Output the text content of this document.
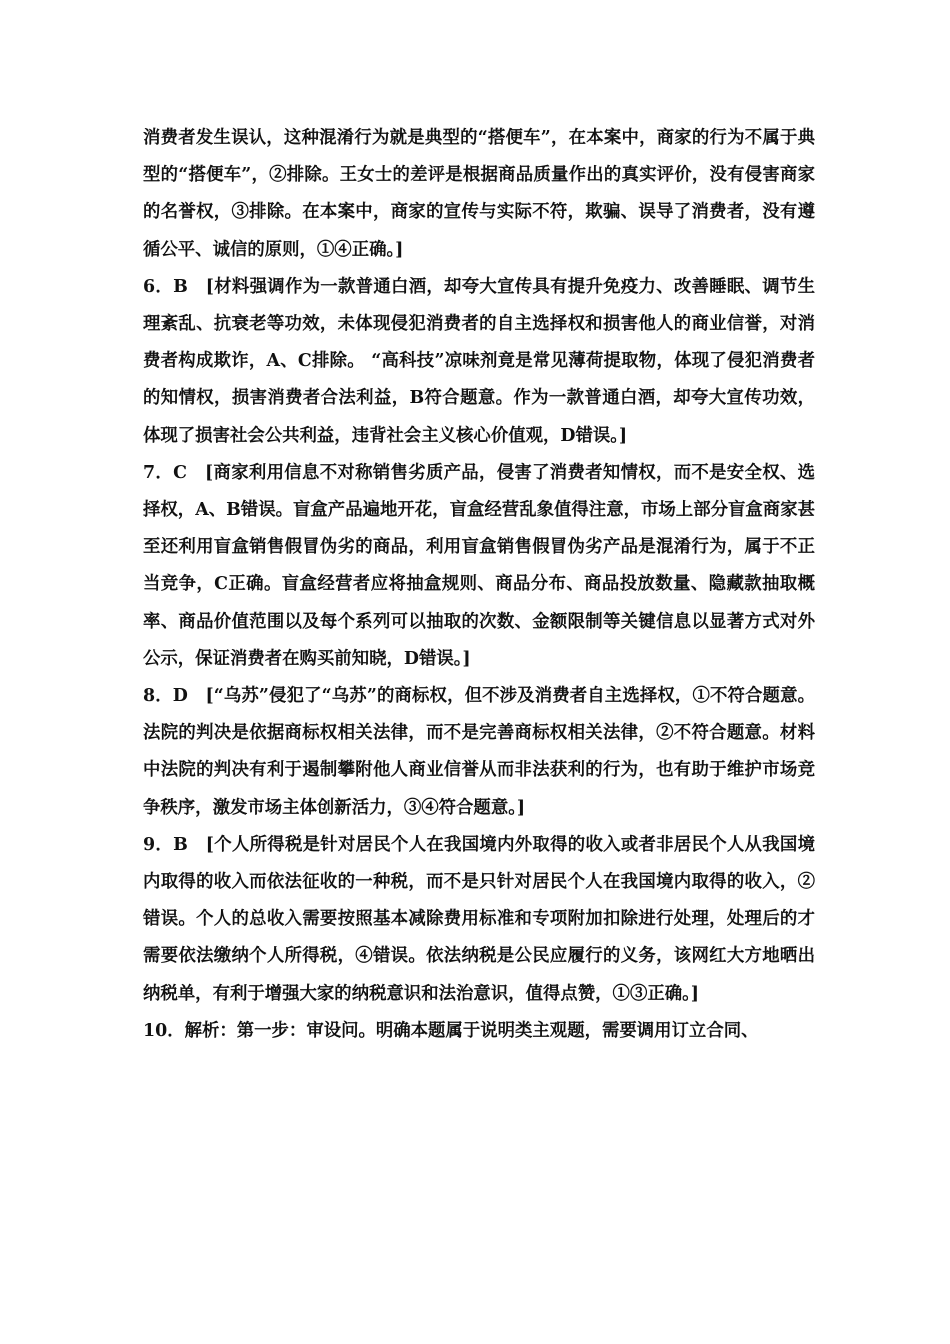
消费者发生误认，这种混淆行为就是典型的“搭便车”，在本案中，商家的行为不属于典型的“搭便车”，②排除。王女士的差评是根据商品质量作出的真实评价，没有侵害商家的名誉权，③排除。在本案中，商家的宣传与实际不符，欺骗、误导了消费者，没有遵循公平、诚信的原则，①④正确。]

6．B　[材料强调作为一款普通白酒，却夸大宣传具有提升免疫力、改善睡眠、调节生理紊乱、抗衰老等功效，未体现侵犯消费者的自主选择权和损害他人的商业信誉，对消费者构成欺诈，A、C排除。 “高科技”凉味剂竟是常见薄荷提取物，体现了侵犯消费者的知情权，损害消费者合法利益，B符合题意。作为一款普通白酒，却夸大宣传功效，体现了损害社会公共利益，违背社会主义核心价值观，D错误。]

7．C　[商家利用信息不对称销售劣质产品，侵害了消费者知情权，而不是安全权、选择权，A、B错误。盲盒产品遍地开花，盲盒经营乱象值得注意，市场上部分盲盒商家甚至还利用盲盒销售假冒伪劣的商品，利用盲盒销售假冒伪劣产品是混淆行为，属于不正当竞争，C正确。盲盒经营者应将抽盒规则、商品分布、商品投放数量、隐藏款抽取概率、商品价值范围以及每个系列可以抽取的次数、金额限制等关键信息以显著方式对外公示，保证消费者在购买前知晓，D错误。]

8．D　[“乌苏”侵犯了“乌苏”的商标权，但不涉及消费者自主选择权，①不符合题意。法院的判决是依据商标权相关法律，而不是完善商标权相关法律，②不符合题意。材料中法院的判决有利于遏制攀附他人商业信誉从而非法获利的行为，也有助于维护市场竞争秩序，激发市场主体创新活力，③④符合题意。]

9．B　[个人所得税是针对居民个人在我国境内外取得的收入或者非居民个人从我国境内取得的收入而依法征收的一种税，而不是只针对居民个人在我国境内取得的收入，②错误。个人的总收入需要按照基本减除费用标准和专项附加扣除进行处理，处理后的才需要依法缴纳个人所得税，④错误。依法纳税是公民应履行的义务，该网红大方地晒出纳税单，有利于增强大家的纳税意识和法治意识，值得点赞，①③正确。]

10．解析：第一步：审设问。明确本题属于说明类主观题，需要调用订立合同、
